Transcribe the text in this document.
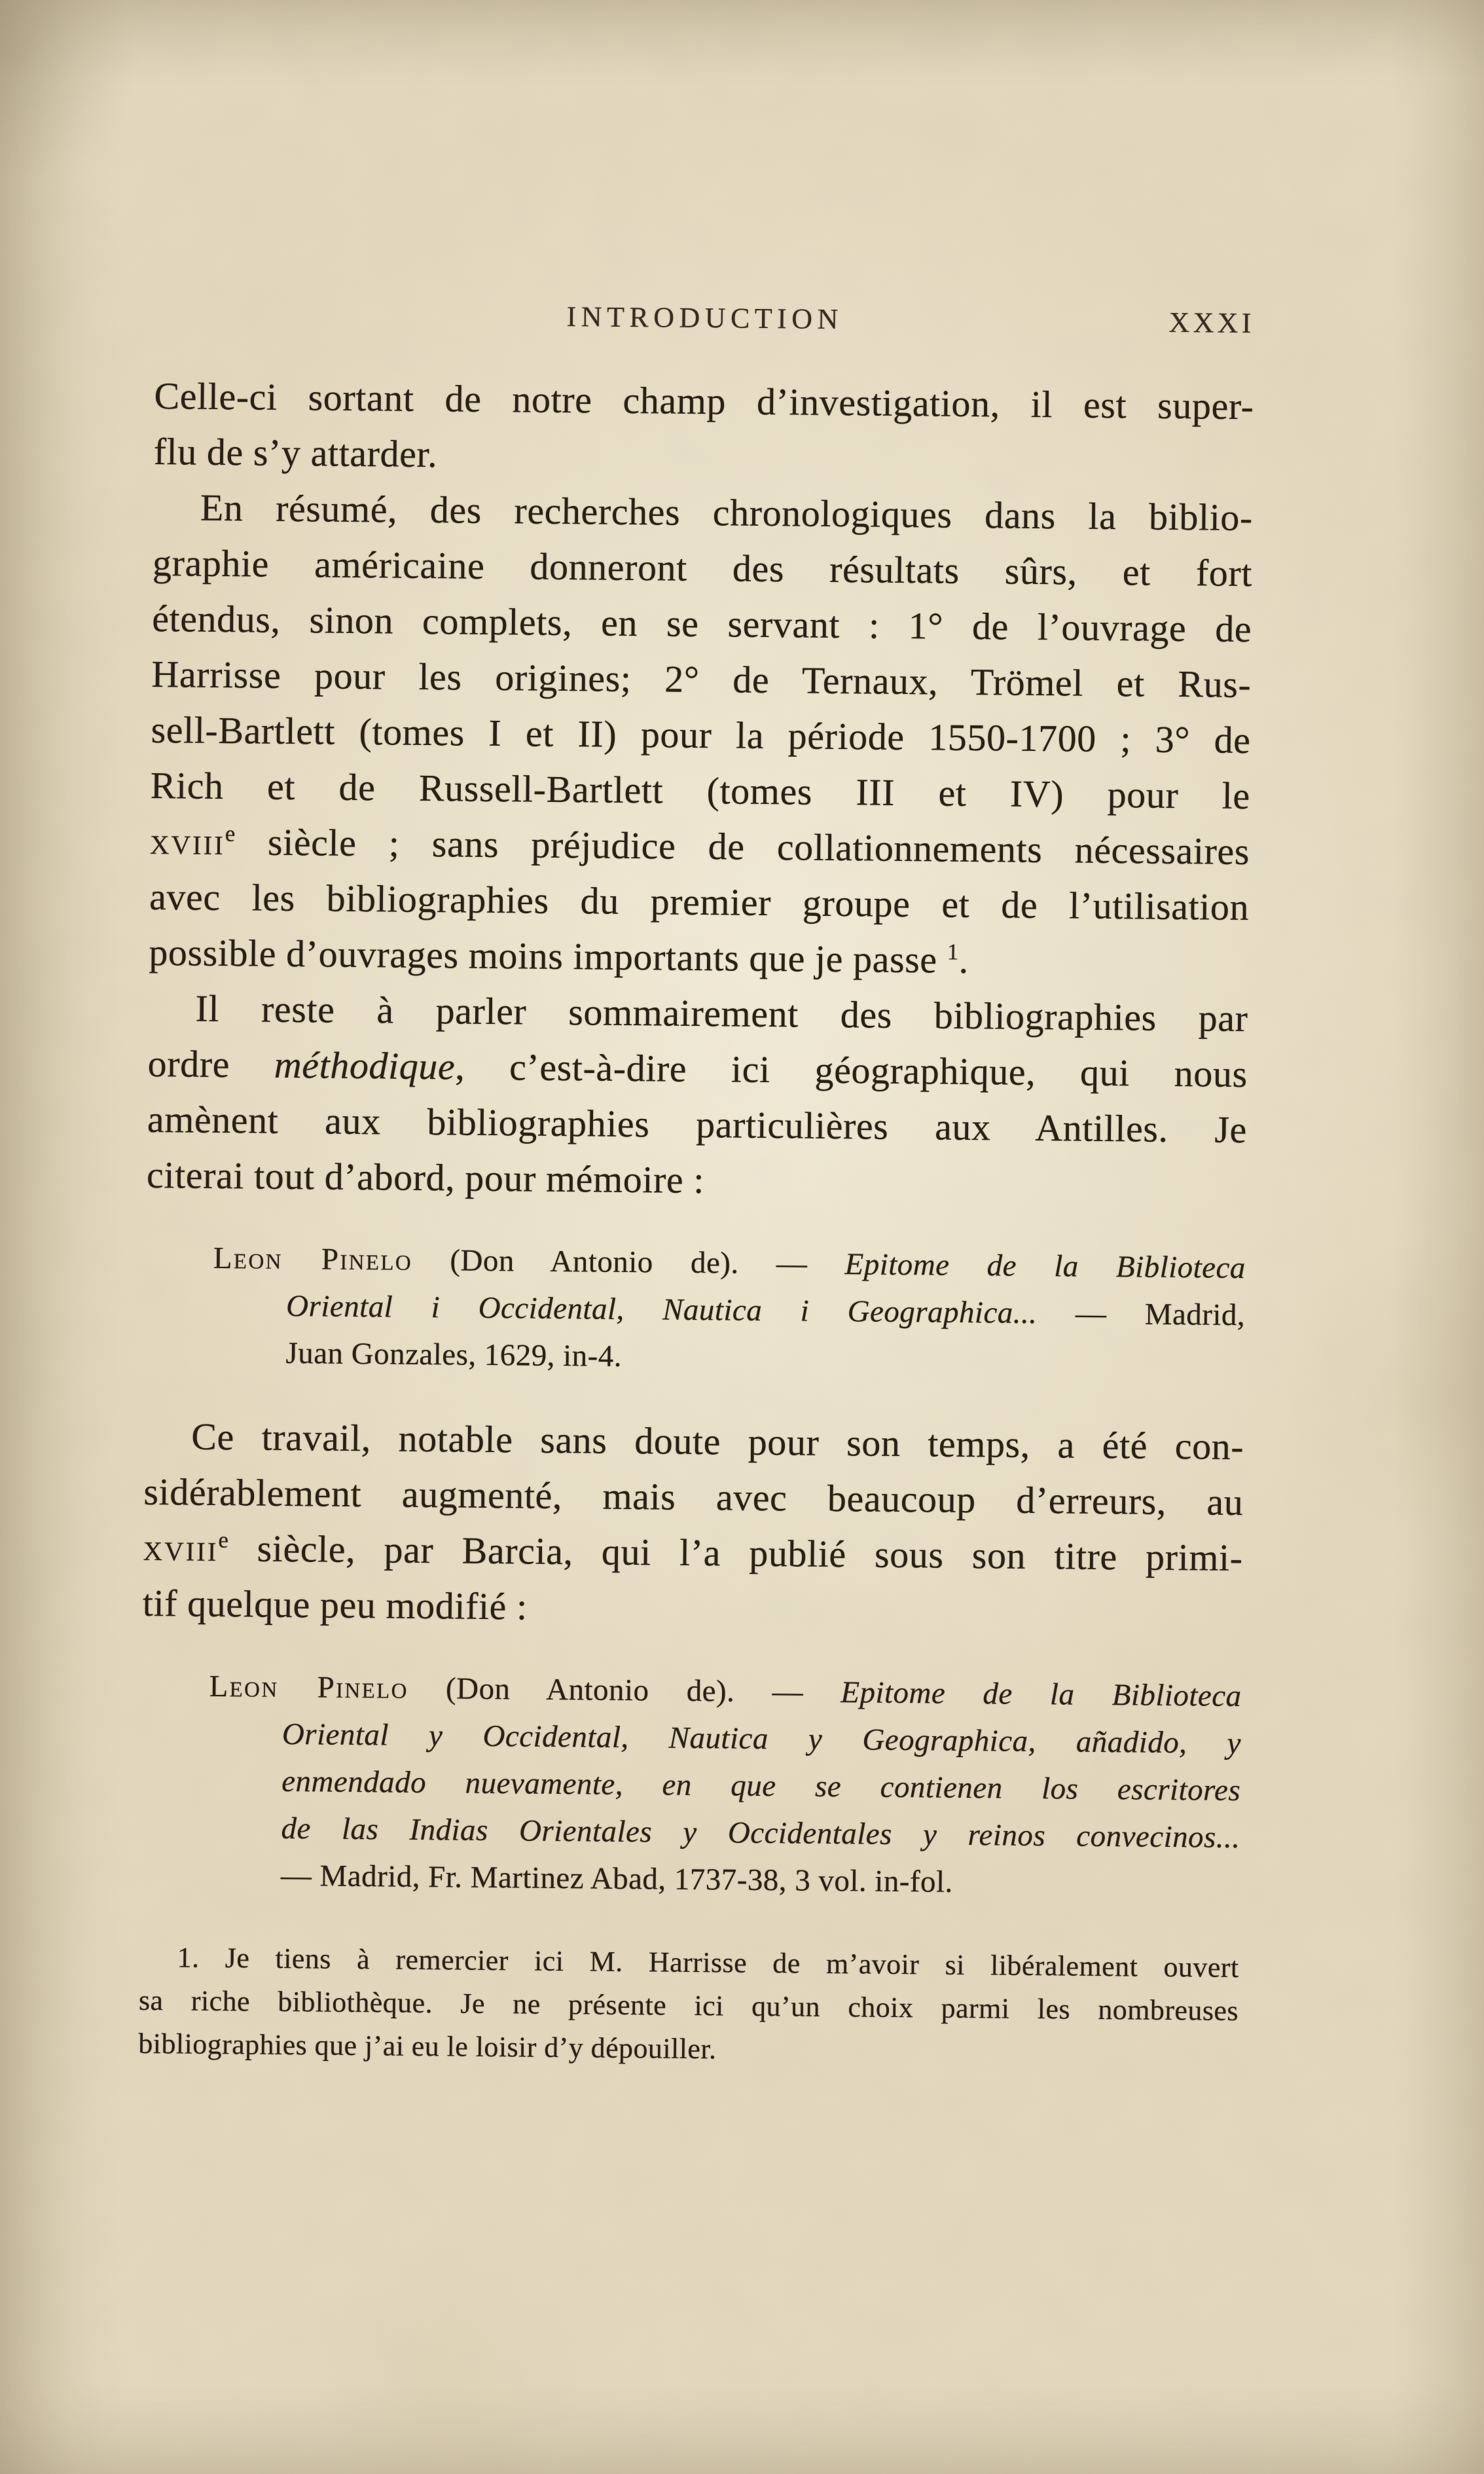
INTRODUCTION	XXXI
Celle-ci sortant de notre champ d’investigation, il est super-
flu de s’y attarder.
En résumé, des recherches chronologiques dans la biblio-
graphie américaine donneront des résultats sûrs, et fort
étendus, sinon complets, en se servant : 1° de l’ouvrage de
Harrisse pour les origines; 2° de Ternaux, Trömel et Rus-
sell-Bartlett (tomes I et II) pour la période 1550-1700 ; 3° de
Rich et de Russell-Bartlett (tomes III et IV) pour le
xviii$^e$ siècle ; sans préjudice de collationnements nécessaires
avec les bibliographies du premier groupe et de l’utilisation
possible d’ouvrages moins importants que je passe $^1$.
Il reste à parler sommairement des bibliographies par
ordre méthodique, c’est-à-dire ici géographique, qui nous
amènent aux bibliographies particulières aux Antilles. Je
citerai tout d’abord, pour mémoire :
Leon Pinelo (Don Antonio de). — Epitome de la Biblioteca
Oriental i Occidental, Nautica i Geographica... — Madrid,
Juan Gonzales, 1629, in-4.
Ce travail, notable sans doute pour son temps, a été con-
sidérablement augmenté, mais avec beaucoup d’erreurs, au
xviii$^e$ siècle, par Barcia, qui l’a publié sous son titre primi-
tif quelque peu modifié :
Leon Pinelo (Don Antonio de). — Epitome de la Biblioteca
Oriental y Occidental, Nautica y Geographica, añadido, y
enmendado nuevamente, en que se contienen los escritores
de las Indias Orientales y Occidentales y reinos convecinos...
— Madrid, Fr. Martinez Abad, 1737-38, 3 vol. in-fol.
1. Je tiens à remercier ici M. Harrisse de m’avoir si libéralement ouvert
sa riche bibliothèque. Je ne présente ici qu’un choix parmi les nombreuses
bibliographies que j’ai eu le loisir d’y dépouiller.
